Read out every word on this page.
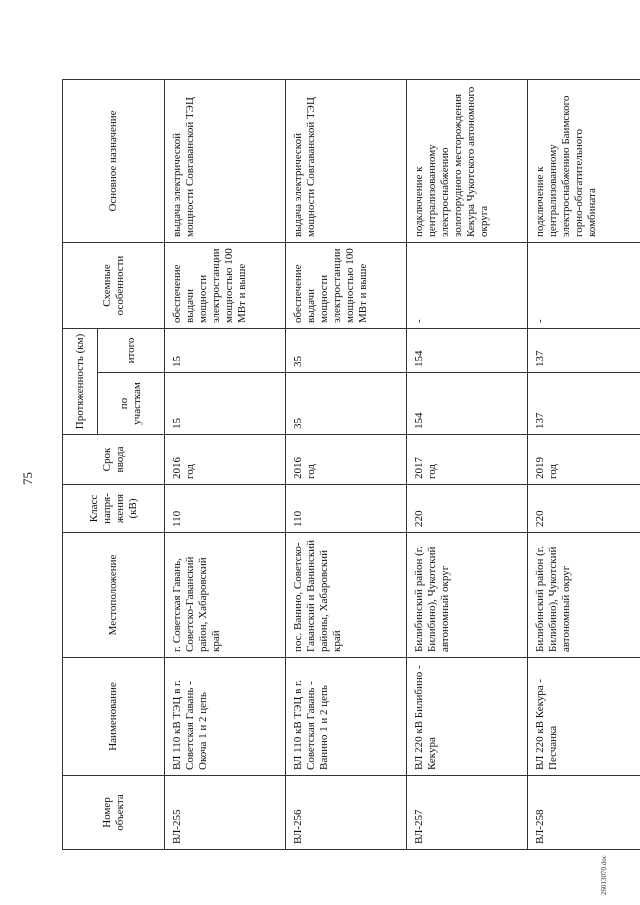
75
Номер объекта	Наименование	Местоположение	Класс напря-жения (кВ)	Срок ввода	Протяженность (км)		Схемные особенности	Основное назначение
					по участкам	итого		
ВЛ-255	ВЛ 110 кВ ТЭЦ в г. Советская Гавань - Окоча 1 и 2 цепь	г. Советская Гавань, Советско-Гаванский район, Хабаровский край	110	2016 год	15	15	обеспечение выдачи мощности электростанции мощностью 100 МВт и выше	выдача электрической мощности Совгаванской ТЭЦ
ВЛ-256	ВЛ 110 кВ ТЭЦ в г. Советская Гавань - Ванино 1 и 2 цепь	пос. Ванино, Советско-Гаванский и Ванинский районы, Хабаровский край	110	2016 год	35	35	обеспечение выдачи мощности электростанции мощностью 100 МВт и выше	выдача электрической мощности Совгаванской ТЭЦ
ВЛ-257	ВЛ 220 кВ Билибино - Кекура	Билибинский район (г. Билибино), Чукотский автономный округ	220	2017 год	154	154	-	подключение к централизованному электроснабжению золоторудного месторождения Кекура Чукотского автономного округа
ВЛ-258	ВЛ 220 кВ Кекура - Песчанка	Билибинский район (г. Билибино), Чукотский автономный округ	220	2019 год	137	137	-	подключение к централизованному электроснабжению Баимского горно-обогатительного комбината
26013070.doc
